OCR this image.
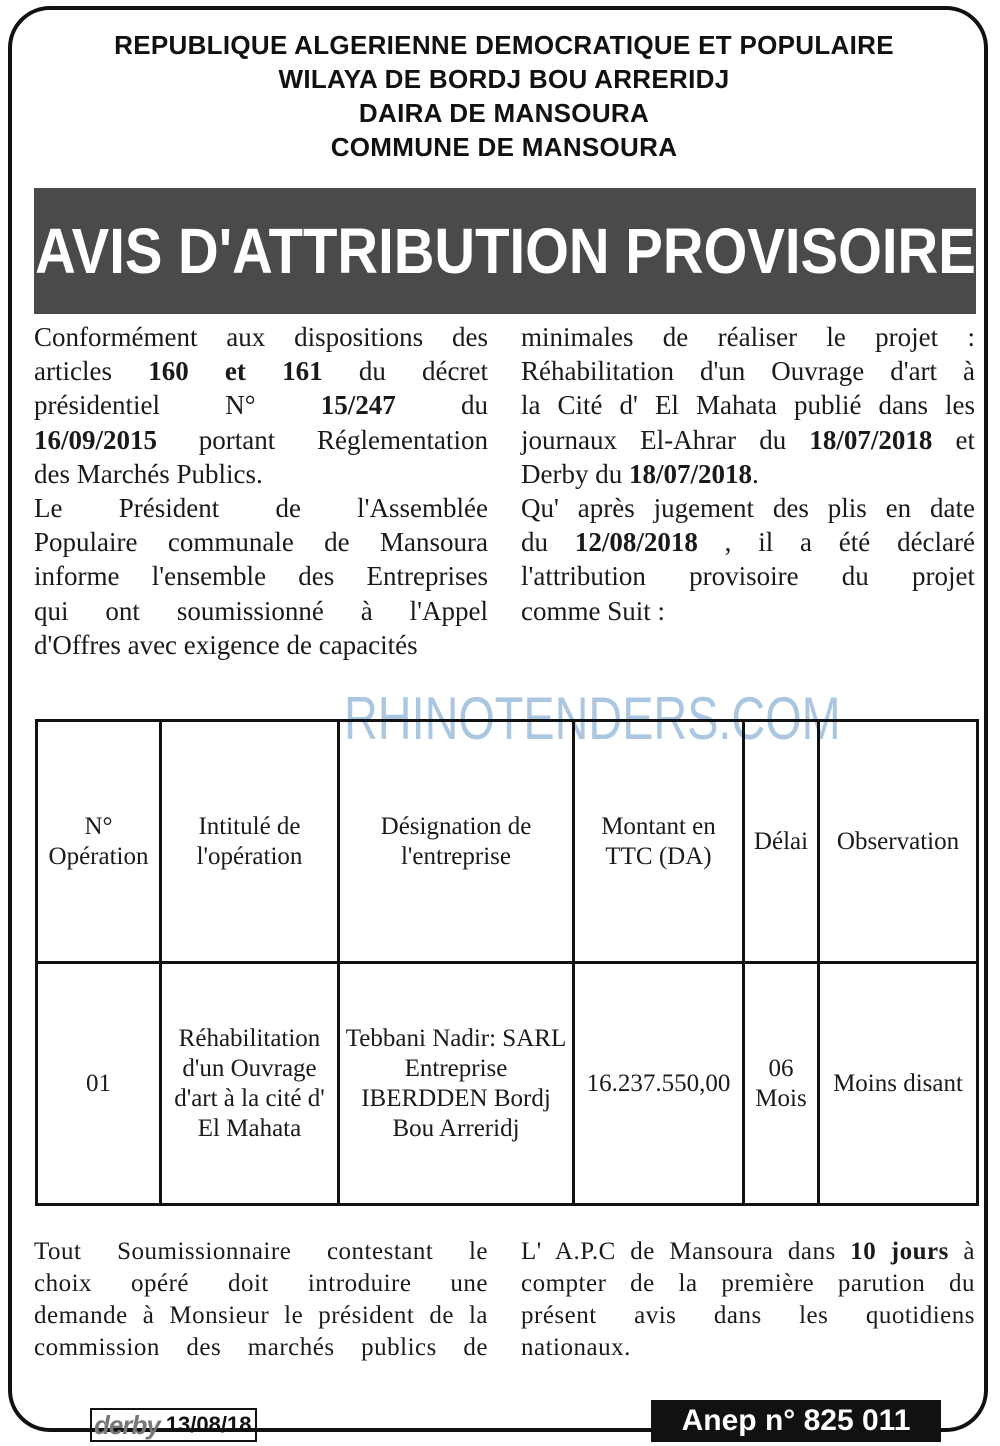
REPUBLIQUE ALGERIENNE DEMOCRATIQUE ET POPULAIRE
WILAYA DE BORDJ BOU ARRERIDJ
DAIRA DE MANSOURA
COMMUNE DE MANSOURA
AVIS D'ATTRIBUTION PROVISOIRE
Conformément aux dispositions des
articles 160 et 161 du décret
présidentiel N° 15/247 du
16/09/2015 portant Réglementation
des Marchés Publics.
Le Président de l'Assemblée
Populaire communale de Mansoura
informe l'ensemble des Entreprises
qui ont soumissionné à l'Appel
d'Offres avec exigence de capacités
minimales de réaliser le projet :
Réhabilitation d'un Ouvrage d'art à
la Cité d' El Mahata publié dans les
journaux El-Ahrar du 18/07/2018 et
Derby du 18/07/2018.
Qu' après jugement des plis en date
du 12/08/2018 , il a été déclaré
l'attribution provisoire du projet
comme Suit :
RHINOTENDERS.COM
N° Opération	Intitulé de l'opération	Désignation de l'entreprise	Montant en TTC (DA)	Délai	Observation
01	Réhabilitation d'un Ouvrage d'art à la cité d' El Mahata	Tebbani Nadir: SARL Entreprise IBERDDEN Bordj Bou Arreridj	16.237.550,00	06 Mois	Moins disant
Tout Soumissionnaire contestant le
choix opéré doit introduire une
demande à Monsieur le président de la
commission des marchés publics de
L' A.P.C de Mansoura dans 10 jours à
compter de la première parution du
présent avis dans les quotidiens
nationaux.
derby 13/08/18	Anep n° 825 011
